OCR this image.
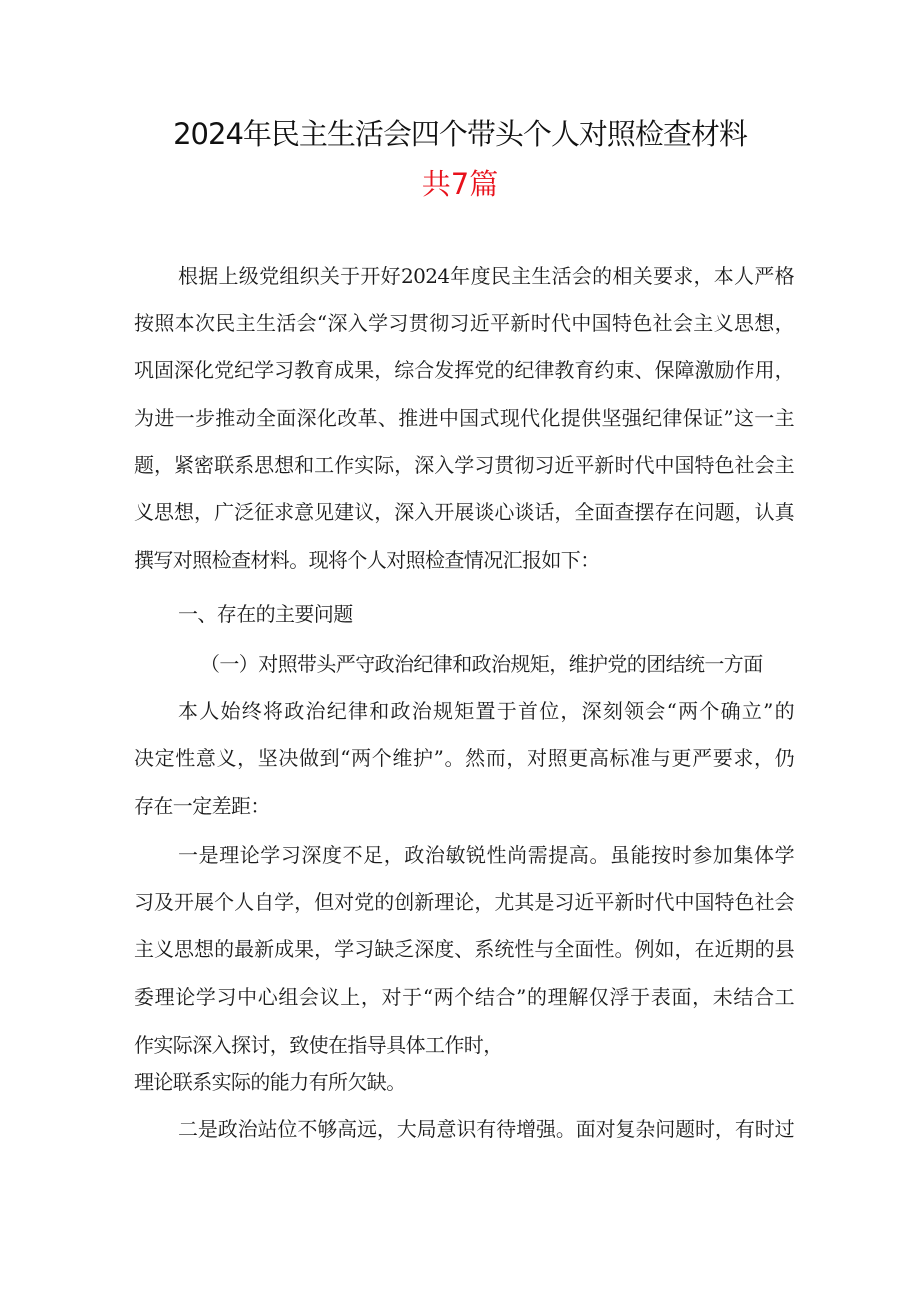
2024年民主生活会四个带头个人对照检查材料
共7篇
根据上级党组织关于开好2024年度民主生活会的相关要求，本人严格
按照本次民主生活会“深入学习贯彻习近平新时代中国特色社会主义思想，
巩固深化党纪学习教育成果，综合发挥党的纪律教育约束、保障激励作用，
为进一步推动全面深化改革、推进中国式现代化提供坚强纪律保证”这一主
题，紧密联系思想和工作实际，深入学习贯彻习近平新时代中国特色社会主
义思想，广泛征求意见建议，深入开展谈心谈话，全面查摆存在问题，认真
撰写对照检查材料。现将个人对照检查情况汇报如下：
一、存在的主要问题
（一）对照带头严守政治纪律和政治规矩，维护党的团结统一方面
本人始终将政治纪律和政治规矩置于首位，深刻领会“两个确立”的
决定性意义，坚决做到“两个维护”。然而，对照更高标准与更严要求，仍
存在一定差距：
一是理论学习深度不足，政治敏锐性尚需提高。虽能按时参加集体学
习及开展个人自学，但对党的创新理论，尤其是习近平新时代中国特色社会
主义思想的最新成果，学习缺乏深度、系统性与全面性。例如，在近期的县
委理论学习中心组会议上，对于“两个结合”的理解仅浮于表面，未结合工
作实际深入探讨，致使在指导具体工作时，
理论联系实际的能力有所欠缺。
二是政治站位不够高远，大局意识有待增强。面对复杂问题时，有时过
